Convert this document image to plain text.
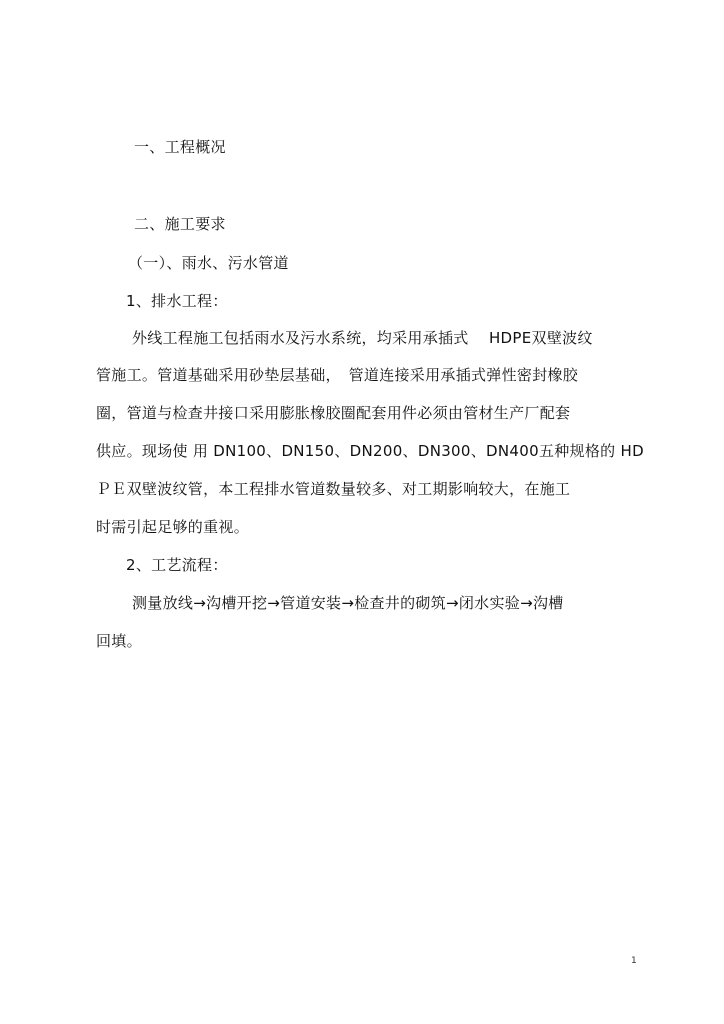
一、工程概况
二、施工要求
（一）、雨水、污水管道
1、排水工程：
外线工程施工包括雨水及污水系统，均采用承插式　 HDPE双壁波纹
管施工。管道基础采用砂垫层基础，　管道连接采用承插式弹性密封橡胶
圈，管道与检查井接口采用膨胀橡胶圈配套用件必须由管材生产厂配套
供应。现场使 用 DN100、DN150、DN200、DN300、DN400五种规格的 HD
ＰＥ双壁波纹管，本工程排水管道数量较多、对工期影响较大，在施工
时需引起足够的重视。
2、工艺流程：
测量放线→沟槽开挖→管道安装→检查井的砌筑→闭水实验→沟槽
回填。
1
